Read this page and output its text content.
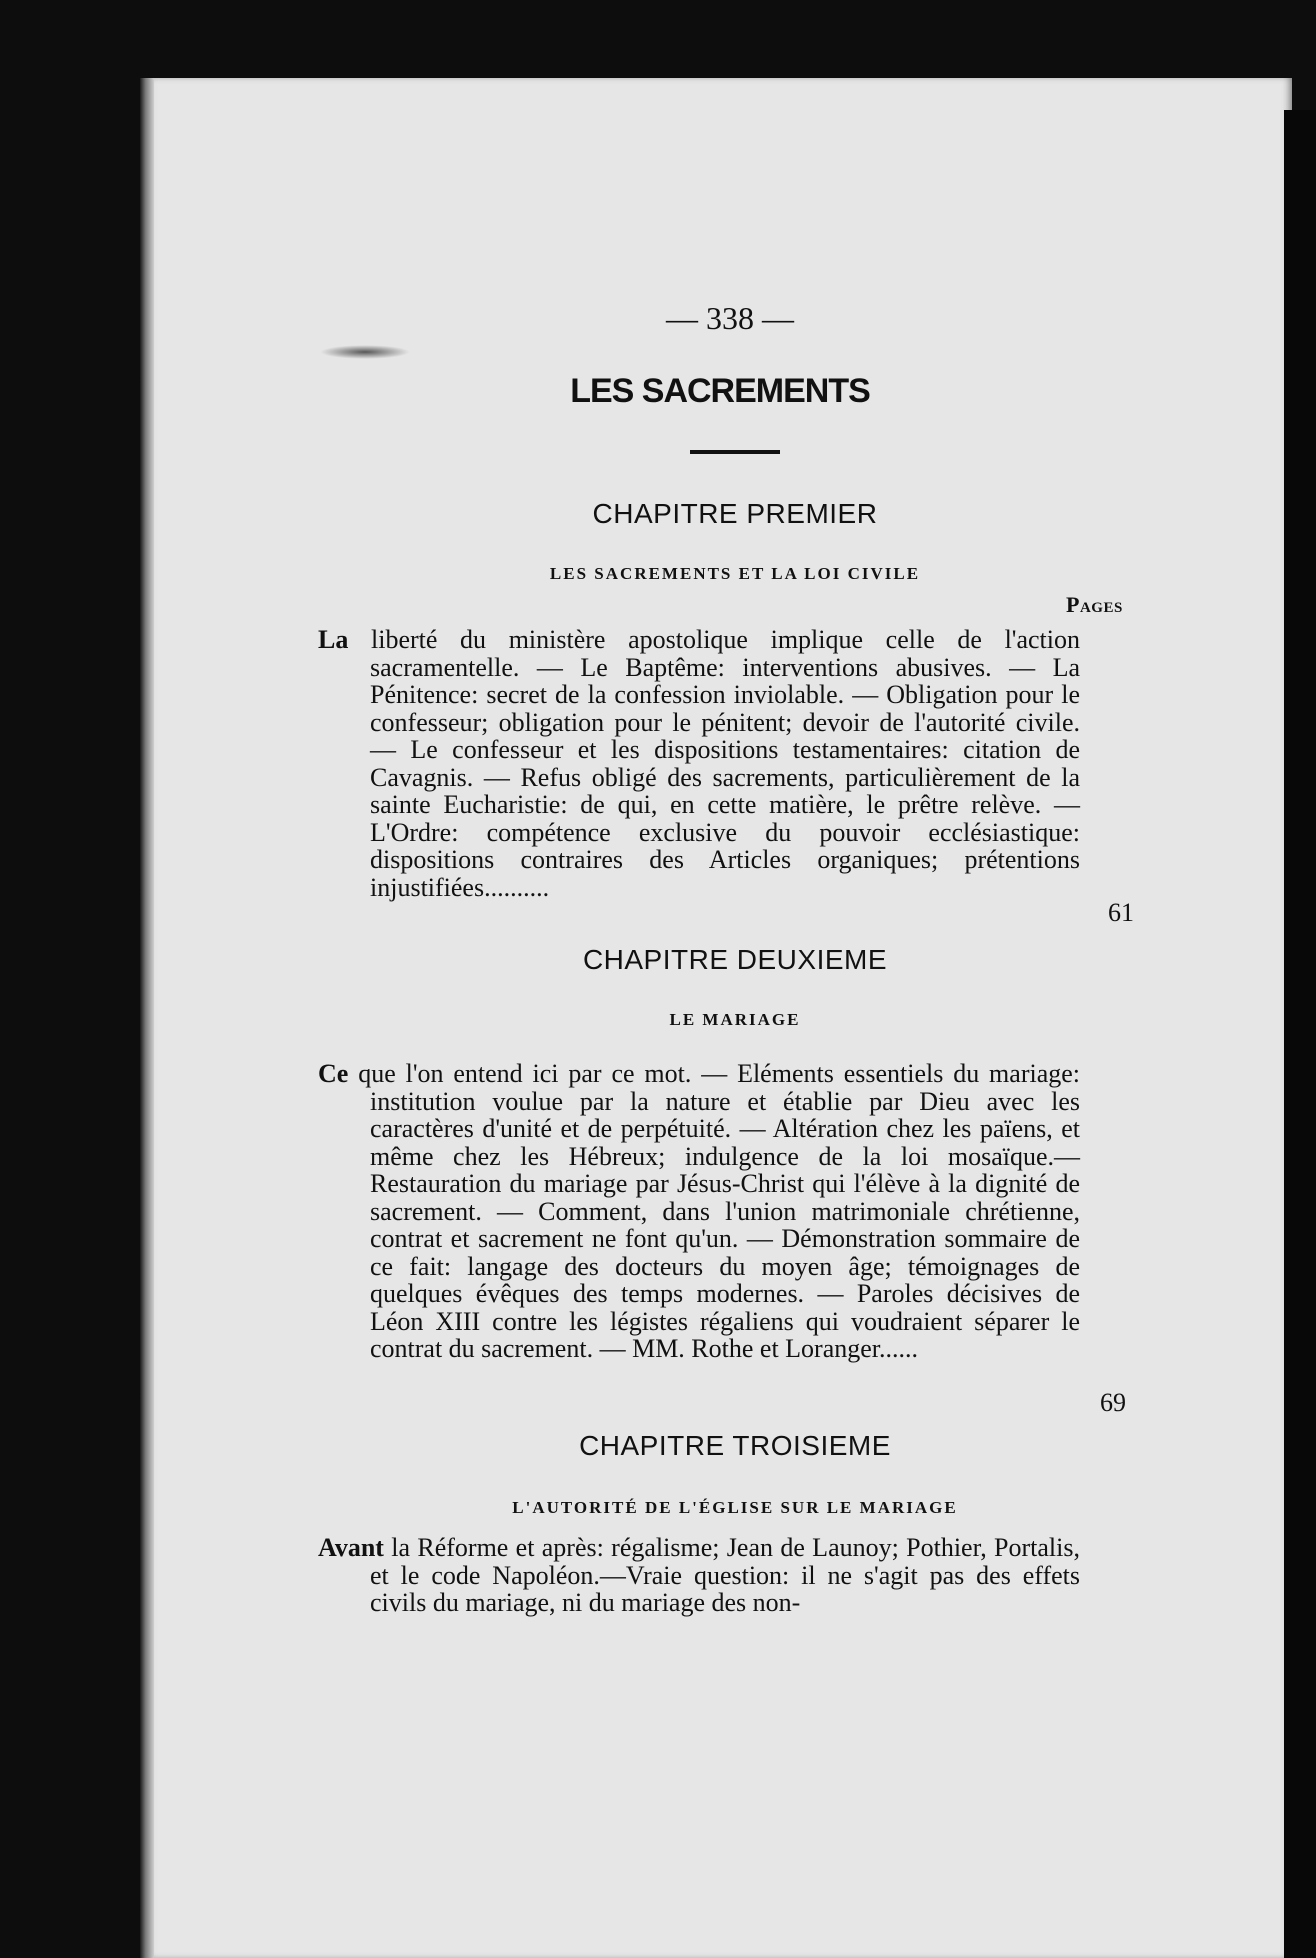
— 338 —
LES SACREMENTS
CHAPITRE PREMIER
LES SACREMENTS ET LA LOI CIVILE
Pages
La liberté du ministère apostolique implique celle de l'action sacramentelle. — Le Baptême: interventions abusives. — La Pénitence: secret de la confession inviolable. — Obligation pour le confesseur; obligation pour le pénitent; devoir de l'autorité civile. — Le confesseur et les dispositions testamentaires: citation de Cavagnis. — Refus obligé des sacrements, particulièrement de la sainte Eucharistie: de qui, en cette matière, le prêtre relève. — L'Ordre: compétence exclusive du pouvoir ecclésiastique: dispositions contraires des Articles organiques; prétentions injustifiées..........
61
CHAPITRE DEUXIEME
LE MARIAGE
Ce que l'on entend ici par ce mot. — Eléments essentiels du mariage: institution voulue par la nature et établie par Dieu avec les caractères d'unité et de perpétuité. — Altération chez les païens, et même chez les Hébreux; indulgence de la loi mosaïque.—Restauration du mariage par Jésus-Christ qui l'élève à la dignité de sacrement. — Comment, dans l'union matrimoniale chrétienne, contrat et sacrement ne font qu'un. — Démonstration sommaire de ce fait: langage des docteurs du moyen âge; témoignages de quelques évêques des temps modernes. — Paroles décisives de Léon XIII contre les légistes régaliens qui voudraient séparer le contrat du sacrement. — MM. Rothe et Loranger......
69
CHAPITRE TROISIEME
L'AUTORITÉ DE L'ÉGLISE SUR LE MARIAGE
Avant la Réforme et après: régalisme; Jean de Launoy; Pothier, Portalis, et le code Napoléon.—Vraie question: il ne s'agit pas des effets civils du mariage, ni du mariage des non-
